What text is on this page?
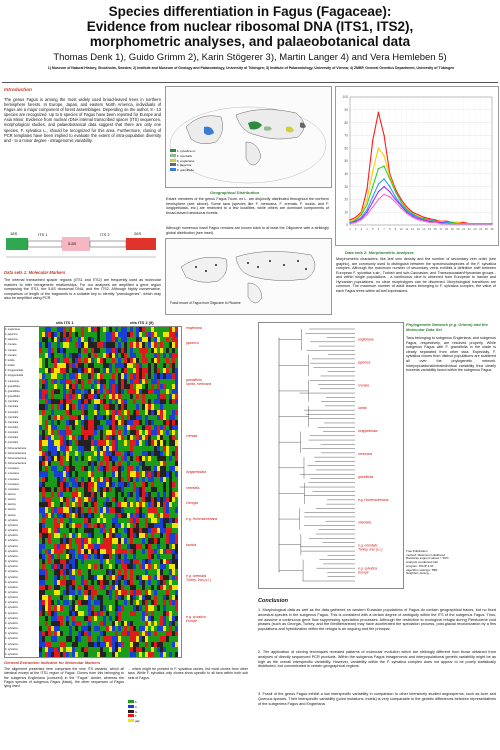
Species differentiation in Fagus (Fagaceae):
Evidence from nuclear ribosomal DNA (ITS1, ITS2),
morphometric analyses, and palaeobotanical data
Thomas Denk 1), Guido Grimm 2), Karin Stögerer 3), Martin Langer 4) and Vera Hemleben 5)
1) Museum of Natural History, Stockholm, Sweden; 2) Institute and Museum of Geology and Palaeontology, University of Tübingen; 3) Institute of Palaeontology, University of Vienna; 4) ZMBP, General Genetics Department, University of Tübingen
Introduction
The genus Fagus is among the most widely used broad-leaved trees in northern hemisphere forests. In Europe, Japan, and eastern North America, individuals of Fagus are a major component of forest assemblages. Depending on the author, 8 - 13 species are recognized. Up to 5 species of Fagus have been reported for Europe and Asia Minor. Evidence from nuclear rDNA internal transcribed spacer (ITS) sequences, morphological studies, and palaeobotanical data suggest that there are only one species, F. sylvatica L., should be recognized for this area. Furthermore, cloning of PCR templates have been implied to evaluate the extent of intra-population diversity and - to a minor degree - intragenomic variability.
18S	ITS 1
5.8S
ITS 2	26S
Data sets 1: Molecular Markers
The internal transcribed spacer regions (ITS1 and ITS2) are frequently used as molecular markers to infer infrageneric relationships. For our analyses we amplified a gene region comprising the ITS1, the 5.8S ribosomal DNA, and the ITS2. Although highly conservative, comparison of length of the fragments is a suitable key to identify "pseudogenes", which may also be amplified using PCR.
F. sylvatica s.l.
F. orientalis
F. engleriana
F. japonica
F. grandifolia
Geographical Distribution
Extant members of the genus Fagus Tourn. ex L. are disjunctly distributed throughout the northern hemisphere (see above). Some taxa (species like F. mexicana, F. crenata, F. lucida, and F. longipetiolata, etc.) are restricted to a few localities, while others are dominant components of broad-leaved deciduous forests.
Although numerous fossil Fagus remains are known back to at least the Oligocene with a strikingly global distribution (see inset).
Fossil record of Fagus from Oligocene to Pliocene
0
10
20
30
40
50
60
70
80
90
100
1 2 3 4 5 6 7 8 9 10 11 12 13 14 15 16 17 18 19 20 21 22 23 24 25 26
Data sets 2: Morphometric Analyses
Morphometric characters, like leaf vein density and the number of secondary vein order (see graphic), are commonly used to distinguish between the species/subspecies of the F. sylvatica complex. Although the maximum number of secondary veins exhibits a definitive shift between European F. sylvatica s.str., Turkish and sub-Caucasian, and Transcaucasian/Hyrcanian groups - and within single populations - a continuous cline is observed from European to Iranian and Hyrcanian populations, no clear morphotypes can be discerned. Morphological transitions are common. The maximum number of adult leaves belonging to F. sylvatica complex, the value of each Fagus trees within all leaf impressions.
ctls ITS 1	ctls ITS 2 (5)
F. engleriana
F. japonica
F. japonica
F. crenata
F. crenata
F. crenata
F. lucida
F. lucida
F. longipetiolata
F. longipetiolata
F. mexicana
F. grandifolia
F. grandifolia
F. grandifolia
F. orientalis
F. orientalis
F. orientalis
F. orientalis
F. orientalis
F. orientalis
F. orientalis
F. orientalis
F. orientalis
F. hohenackeriana
F. hohenackeriana
F. hohenackeriana
F. hohenackeriana
F. moesiaca
F. moesiaca
F. moesiaca
F. moesiaca
F. moesiaca
F. taurica
F. taurica
F. taurica
F. taurica
F. taurica
F. sylvatica
F. sylvatica
F. sylvatica
F. sylvatica
F. sylvatica
F. sylvatica
F. sylvatica
F. sylvatica
F. sylvatica
F. sylvatica
F. sylvatica
F. sylvatica
F. sylvatica
F. sylvatica
F. sylvatica
F. sylvatica
F. sylvatica
F. sylvatica
F. sylvatica
F. sylvatica
F. sylvatica
F. sylvatica
F. sylvatica
F. sylvatica
F. sylvatica
F. sylvatica
F. sylvatica
engleriana
japonica
grandifolia
lucida, mexicana
crenata
longipetiolata
orientalis
Georgia
e.g. Hohenackeriana
taurica
e.g. orientalis
Turkey, Iran (s.l.)
e.g. sylvatica
Europe
General Extraction Indicator for Molecular Markers
The alignment presented here comprises the nine ITS variants, which all identical except at the ITS1 region of Fagus. Clones from this belonging to the subgenus Engleriana (coloured) in the "Fagus" cluster, whereas the Fagus species of subgenus Fagus (black), the other sequences of Fagus lying lined.
... which might be present in F. sylvatica clones, but most clones from other taxa. While F. sylvatica only clones show specific to all taxa within both sub sets of Fagus.
A
C
G
T
gap
engleriana
japonica
crenata
lucida
longipetiolata
mexicana
grandifolia
e.g. Hohenackeriana
orientalis
e.g. orientalis Turkey, Iran (s.l.)
e.g. sylvatica Europe
Phylogenetic Network (e.g. Grimm) and the Molecular Data Set
Taxa belonging to subgenus Engleriana, and subgenus Fagus, respectively, are resolved properly. While subgenus Fagus with F. grandifolia in the clade is clearly separated from other taxa. Especially, F. sylvatica clones from distinct populations are scattered all over the phylogenetic network. Interpopulational/intraindividual variability thus clearly exceeds variability found within the subgenus Fagus.
Tree Publication
method: Maximum Likelihood
Bootstrap support values > 50%
Analysis conducted with
program: PAUP 4.0b
Algorithm settings: TBR
Neighbor-Joining...
Conclusion
1. Morphological data as well as the data gathered on western Eurasian populations of Fagus do contain geographical traces, but no fixed ancestral species in the subgenus Fagus. This is consistent with a certain degree of ambiguity within the ITS of the subgenus Fagus. Thus, we assume a continuous gene flow suppressing speciation processes. Although the restriction to ecological refugia during Pleistocene cold phases (such as Georgia, Turkey, and the Mediterranean) may have accelerated the speciation process, post-glacial recolonization by a few populations and hybridization within the refugia is an ongoing and the principal.
2. The application of cloning techniques revealed patterns of molecular evolution which are strikingly different from those obtained from analyses of directly sequenced PCR products. Within the subgenus Fagus intragenomic and interpopulational genetic variability might be as high as the overall interspecific variability. However, variability within the F. sylvatica complex does not appear to be purely statistically distributed, but concentrated in certain geographical regions.
3. Fossil of the genus Fagus exhibit a low interspecific variability in comparison to other intensively studied angiosperms, such as Acer and Quercus species. Their interspecific variability (point mutations, indels) is very comparable to the genetic differences between representatives of the subgenera Fagus and Engleriana.
